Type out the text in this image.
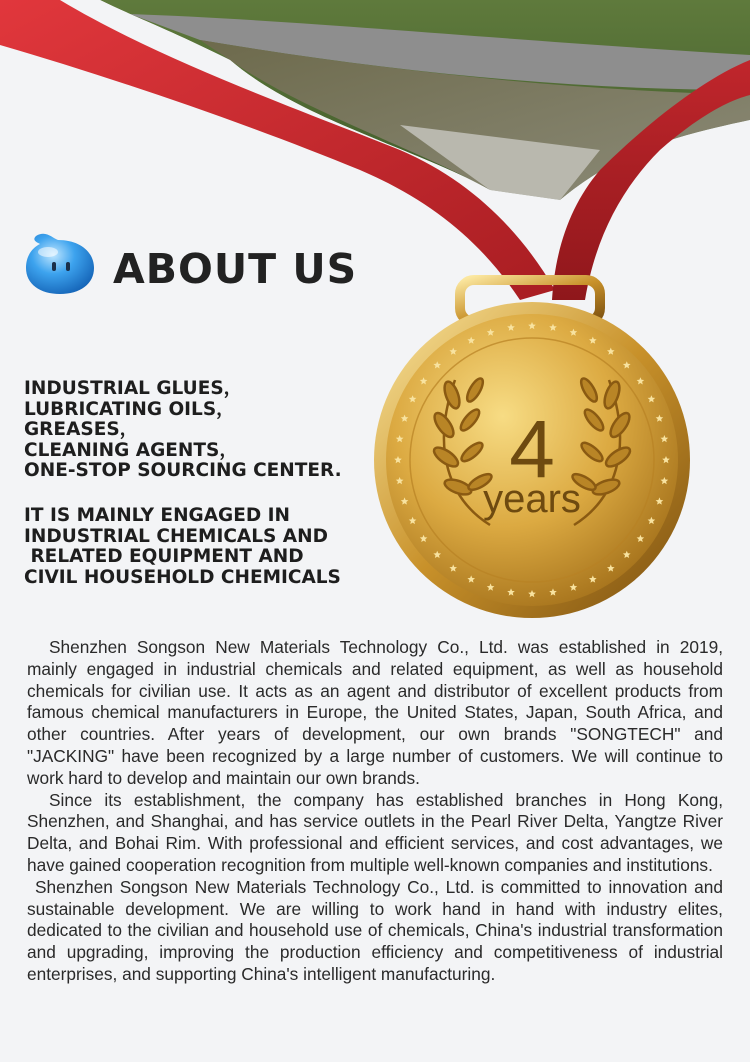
ABOUT US
INDUSTRIAL GLUES，
LUBRICATING OILS，
GREASES，
CLEANING AGENTS，
ONE-STOP SOURCING CENTER.
IT IS MAINLY ENGAGED IN
INDUSTRIAL CHEMICALS AND
RELATED EQUIPMENT AND
CIVIL HOUSEHOLD CHEMICALS
4
years

Shenzhen Songson New Materials Technology Co., Ltd. was established in 2019, mainly engaged in industrial chemicals and related equipment, as well as household chemicals for civilian use. It acts as an agent and distributor of excellent products from famous chemical manufacturers in Europe, the United States, Japan, South Africa, and other countries. After years of development, our own brands "SONGTECH" and "JACKING" have been recognized by a large number of customers. We will continue to work hard to develop and maintain our own brands.

Since its establishment, the company has established branches in Hong Kong, Shenzhen, and Shanghai, and has service outlets in the Pearl River Delta, Yangtze River Delta, and Bohai Rim. With professional and efficient services, and cost advantages, we have gained cooperation recognition from multiple well-known companies and institutions.

Shenzhen Songson New Materials Technology Co., Ltd. is committed to innovation and sustainable development. We are willing to work hand in hand with industry elites, dedicated to the civilian and household use of chemicals, China's industrial transformation and upgrading, improving the production efficiency and competitiveness of industrial enterprises, and supporting China's intelligent manufacturing.
